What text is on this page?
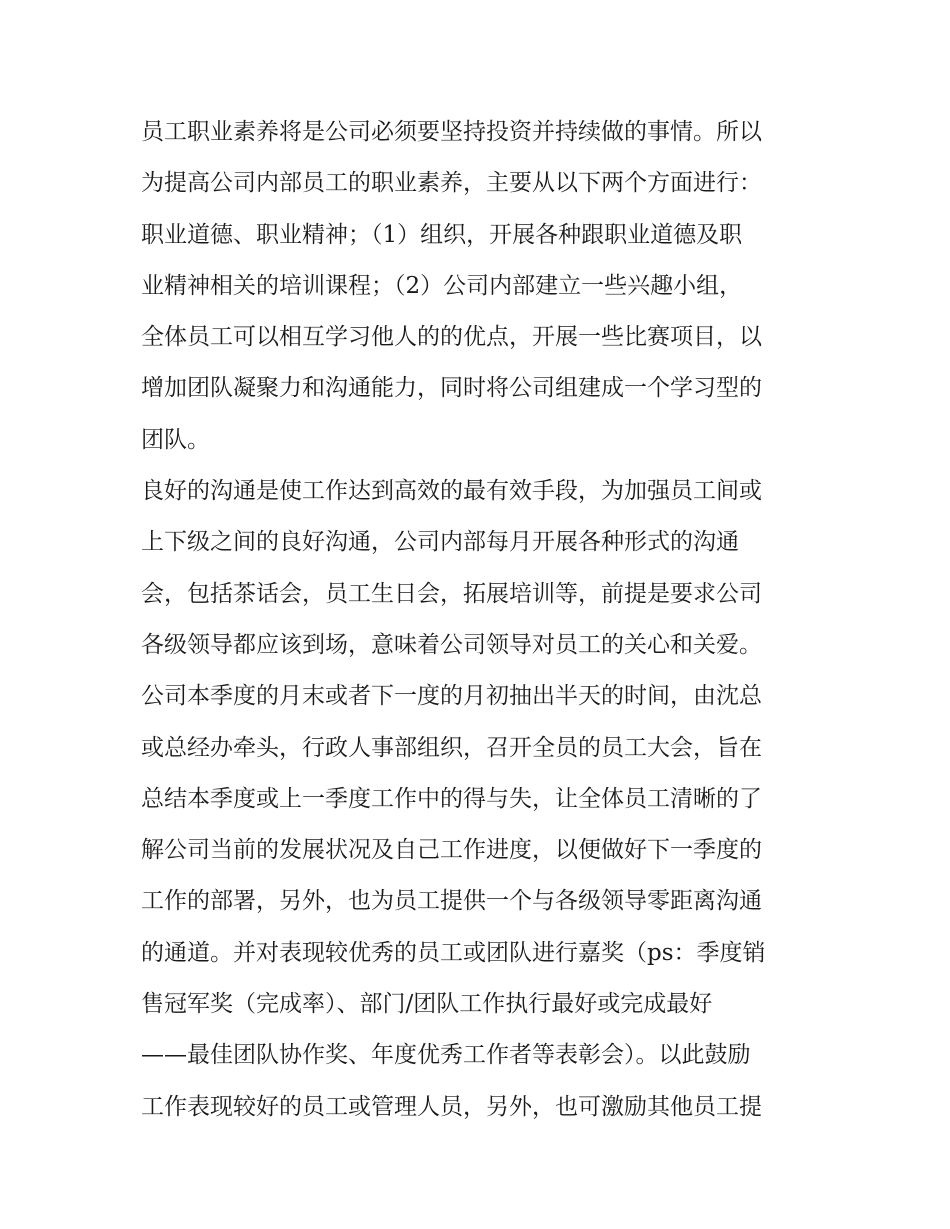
员工职业素养将是公司必须要坚持投资并持续做的事情。所以
为提高公司内部员工的职业素养，主要从以下两个方面进行：
职业道德、职业精神；（1）组织，开展各种跟职业道德及职
业精神相关的培训课程；（2）公司内部建立一些兴趣小组，
全体员工可以相互学习他人的的优点，开展一些比赛项目，以
增加团队凝聚力和沟通能力，同时将公司组建成一个学习型的
团队。
良好的沟通是使工作达到高效的最有效手段，为加强员工间或
上下级之间的良好沟通，公司内部每月开展各种形式的沟通
会，包括茶话会，员工生日会，拓展培训等，前提是要求公司
各级领导都应该到场，意味着公司领导对员工的关心和关爱。
公司本季度的月末或者下一度的月初抽出半天的时间，由沈总
或总经办牵头，行政人事部组织，召开全员的员工大会，旨在
总结本季度或上一季度工作中的得与失，让全体员工清晰的了
解公司当前的发展状况及自己工作进度，以便做好下一季度的
工作的部署，另外，也为员工提供一个与各级领导零距离沟通
的通道。并对表现较优秀的员工或团队进行嘉奖（ps：季度销
售冠军奖（完成率）、部门/团队工作执行最好或完成最好
——最佳团队协作奖、年度优秀工作者等表彰会）。以此鼓励
工作表现较好的员工或管理人员，另外，也可激励其他员工提
